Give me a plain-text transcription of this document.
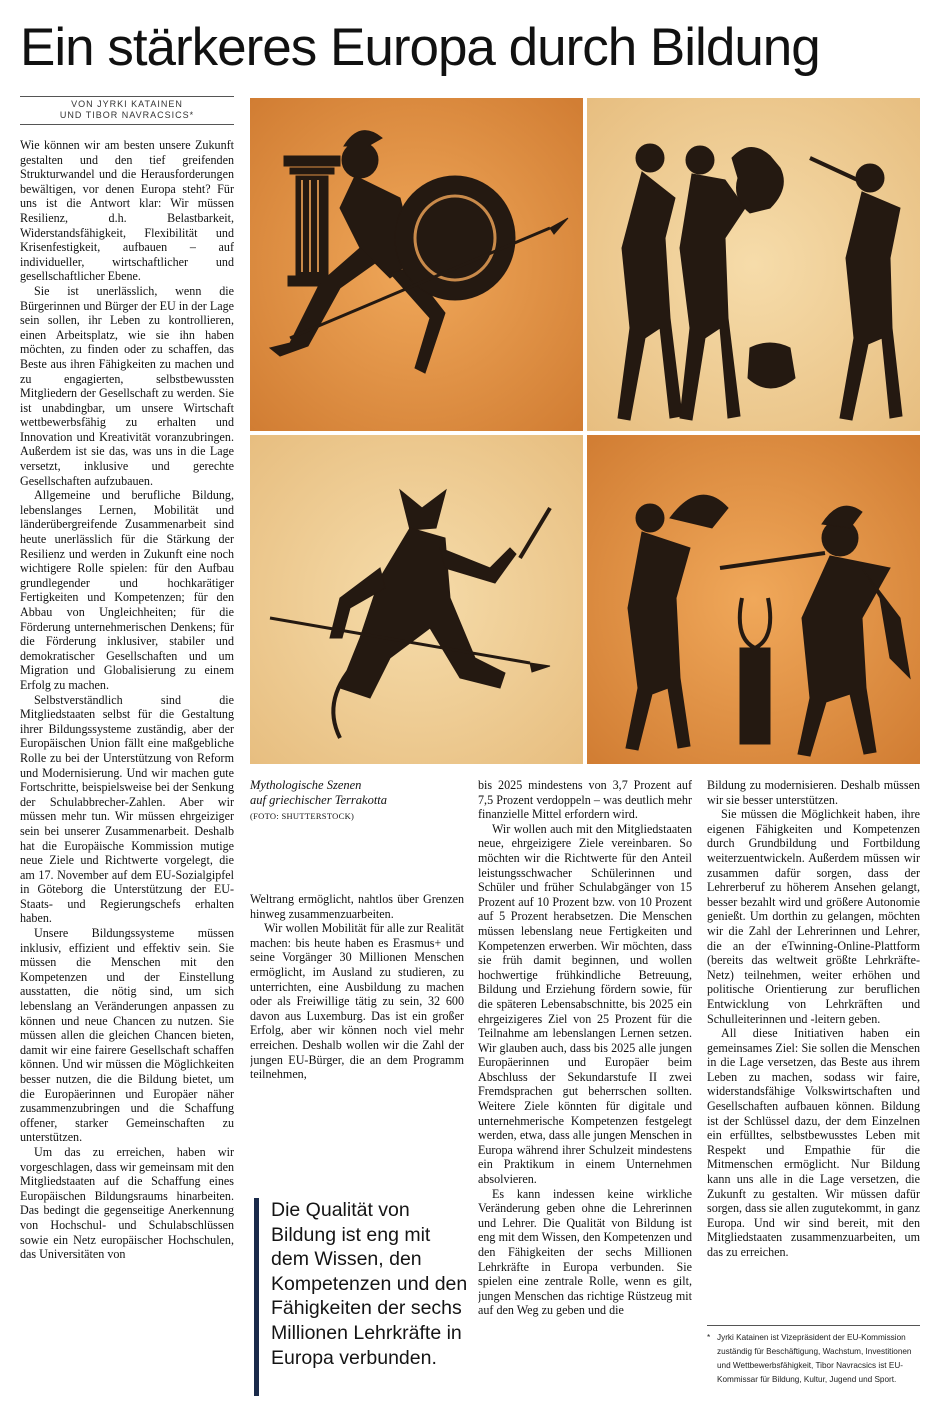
Ein stärkeres Europa durch Bildung
VON JYRKI KATAINEN
UND TIBOR NAVRACSICS*

Wie können wir am besten unsere Zukunft gestalten und den tief greifenden Strukturwandel und die Herausforderungen bewältigen, vor denen Europa steht? Für uns ist die Antwort klar: Wir müssen Resilienz, d.h. Belastbarkeit, Widerstandsfähigkeit, Flexibilität und Krisenfestigkeit, aufbauen – auf individueller, wirtschaftlicher und gesellschaftlicher Ebene.

Sie ist unerlässlich, wenn die Bürgerinnen und Bürger der EU in der Lage sein sollen, ihr Leben zu kontrollieren, einen Arbeitsplatz, wie sie ihn haben möchten, zu finden oder zu schaffen, das Beste aus ihren Fähigkeiten zu machen und zu engagierten, selbstbewussten Mitgliedern der Gesellschaft zu werden. Sie ist unabdingbar, um unsere Wirtschaft wettbewerbsfähig zu erhalten und Innovation und Kreativität voranzubringen. Außerdem ist sie das, was uns in die Lage versetzt, inklusive und gerechte Gesellschaften aufzubauen.

Allgemeine und berufliche Bildung, lebenslanges Lernen, Mobilität und länderübergreifende Zusammenarbeit sind heute unerlässlich für die Stärkung der Resilienz und werden in Zukunft eine noch wichtigere Rolle spielen: für den Aufbau grundlegender und hochkarätiger Fertigkeiten und Kompetenzen; für den Abbau von Ungleichheiten; für die Förderung unternehmerischen Denkens; für die Förderung inklusiver, stabiler und demokratischer Gesellschaften und um Migration und Globalisierung zu einem Erfolg zu machen.

Selbstverständlich sind die Mitgliedstaaten selbst für die Gestaltung ihrer Bildungssysteme zuständig, aber der Europäischen Union fällt eine maßgebliche Rolle zu bei der Unterstützung von Reform und Modernisierung. Und wir machen gute Fortschritte, beispielsweise bei der Senkung der Schulabbrecher-Zahlen. Aber wir müssen mehr tun. Wir müssen ehrgeiziger sein bei unserer Zusammenarbeit. Deshalb hat die Europäische Kommission mutige neue Ziele und Richtwerte vorgelegt, die am 17. November auf dem EU-Sozialgipfel in Göteborg die Unterstützung der EU-Staats- und Regierungschefs erhalten haben.

Unsere Bildungssysteme müssen inklusiv, effizient und effektiv sein. Sie müssen die Menschen mit den Kompetenzen und der Einstellung ausstatten, die nötig sind, um sich lebenslang an Veränderungen anpassen zu können und neue Chancen zu nutzen. Sie müssen allen die gleichen Chancen bieten, damit wir eine fairere Gesellschaft schaffen können. Und wir müssen die Möglichkeiten besser nutzen, die die Bildung bietet, um die Europäerinnen und Europäer näher zusammenzubringen und die Schaffung offener, starker Gemeinschaften zu unterstützen.

Um das zu erreichen, haben wir vorgeschlagen, dass wir gemeinsam mit den Mitgliedstaaten auf die Schaffung eines Europäischen Bildungsraums hinarbeiten. Das bedingt die gegenseitige Anerkennung von Hochschul- und Schulabschlüssen sowie ein Netz europäischer Hochschulen, das Universitäten von

Mythologische Szenen
auf griechischer Terrakotta
(FOTO: SHUTTERSTOCK)

Weltrang ermöglicht, nahtlos über Grenzen hinweg zusammenzuarbeiten.

Wir wollen Mobilität für alle zur Realität machen: bis heute haben es Erasmus+ und seine Vorgänger 30 Millionen Menschen ermöglicht, im Ausland zu studieren, zu unterrichten, eine Ausbildung zu machen oder als Freiwillige tätig zu sein, 32 600 davon aus Luxemburg. Das ist ein großer Erfolg, aber wir können noch viel mehr erreichen. Deshalb wollen wir die Zahl der jungen EU-Bürger, die an dem Programm teilnehmen,

Die Qualität von Bildung ist eng mit dem Wissen, den Kompetenzen und den Fähigkeiten der sechs Millionen Lehrkräfte in Europa verbunden.

bis 2025 mindestens von 3,7 Prozent auf 7,5 Prozent verdoppeln – was deutlich mehr finanzielle Mittel erfordern wird.

Wir wollen auch mit den Mitgliedstaaten neue, ehrgeizigere Ziele vereinbaren. So möchten wir die Richtwerte für den Anteil leistungsschwacher Schülerinnen und Schüler und früher Schulabgänger von 15 Prozent auf 10 Prozent bzw. von 10 Prozent auf 5 Prozent herabsetzen. Die Menschen müssen lebenslang neue Fertigkeiten und Kompetenzen erwerben. Wir möchten, dass sie früh damit beginnen, und wollen hochwertige frühkindliche Betreuung, Bildung und Erziehung fördern sowie, für die späteren Lebensabschnitte, bis 2025 ein ehrgeizigeres Ziel von 25 Prozent für die Teilnahme am lebenslangen Lernen setzen. Wir glauben auch, dass bis 2025 alle jungen Europäerinnen und Europäer beim Abschluss der Sekundarstufe II zwei Fremdsprachen gut beherrschen sollten. Weitere Ziele könnten für digitale und unternehmerische Kompetenzen festgelegt werden, etwa, dass alle jungen Menschen in Europa während ihrer Schulzeit mindestens ein Praktikum in einem Unternehmen absolvieren.

Es kann indessen keine wirkliche Veränderung geben ohne die Lehrerinnen und Lehrer. Die Qualität von Bildung ist eng mit dem Wissen, den Kompetenzen und den Fähigkeiten der sechs Millionen Lehrkräfte in Europa verbunden. Sie spielen eine zentrale Rolle, wenn es gilt, jungen Menschen das richtige Rüstzeug mit auf den Weg zu geben und die

Bildung zu modernisieren. Deshalb müssen wir sie besser unterstützen.

Sie müssen die Möglichkeit haben, ihre eigenen Fähigkeiten und Kompetenzen durch Grundbildung und Fortbildung weiterzuentwickeln. Außerdem müssen wir zusammen dafür sorgen, dass der Lehrerberuf zu höherem Ansehen gelangt, besser bezahlt wird und größere Autonomie genießt. Um dorthin zu gelangen, möchten wir die Zahl der Lehrerinnen und Lehrer, die an der eTwinning-Online-Plattform (bereits das weltweit größte Lehrkräfte-Netz) teilnehmen, weiter erhöhen und politische Orientierung zur beruflichen Entwicklung von Lehrkräften und Schulleiterinnen und -leitern geben.

All diese Initiativen haben ein gemeinsames Ziel: Sie sollen die Menschen in die Lage versetzen, das Beste aus ihrem Leben zu machen, sodass wir faire, widerstandsfähige Volkswirtschaften und Gesellschaften aufbauen können. Bildung ist der Schlüssel dazu, der dem Einzelnen ein erfülltes, selbstbewusstes Leben mit Respekt und Empathie für die Mitmenschen ermöglicht. Nur Bildung kann uns alle in die Lage versetzen, die Zukunft zu gestalten. Wir müssen dafür sorgen, dass sie allen zugutekommt, in ganz Europa. Und wir sind bereit, mit den Mitgliedstaaten zusammenzuarbeiten, um das zu erreichen.

* Jyrki Katainen ist Vizepräsident der EU-Kommission zuständig für Beschäftigung, Wachstum, Investitionen und Wettbewerbsfähigkeit, Tibor Navracsics ist EU-Kommissar für Bildung, Kultur, Jugend und Sport.
